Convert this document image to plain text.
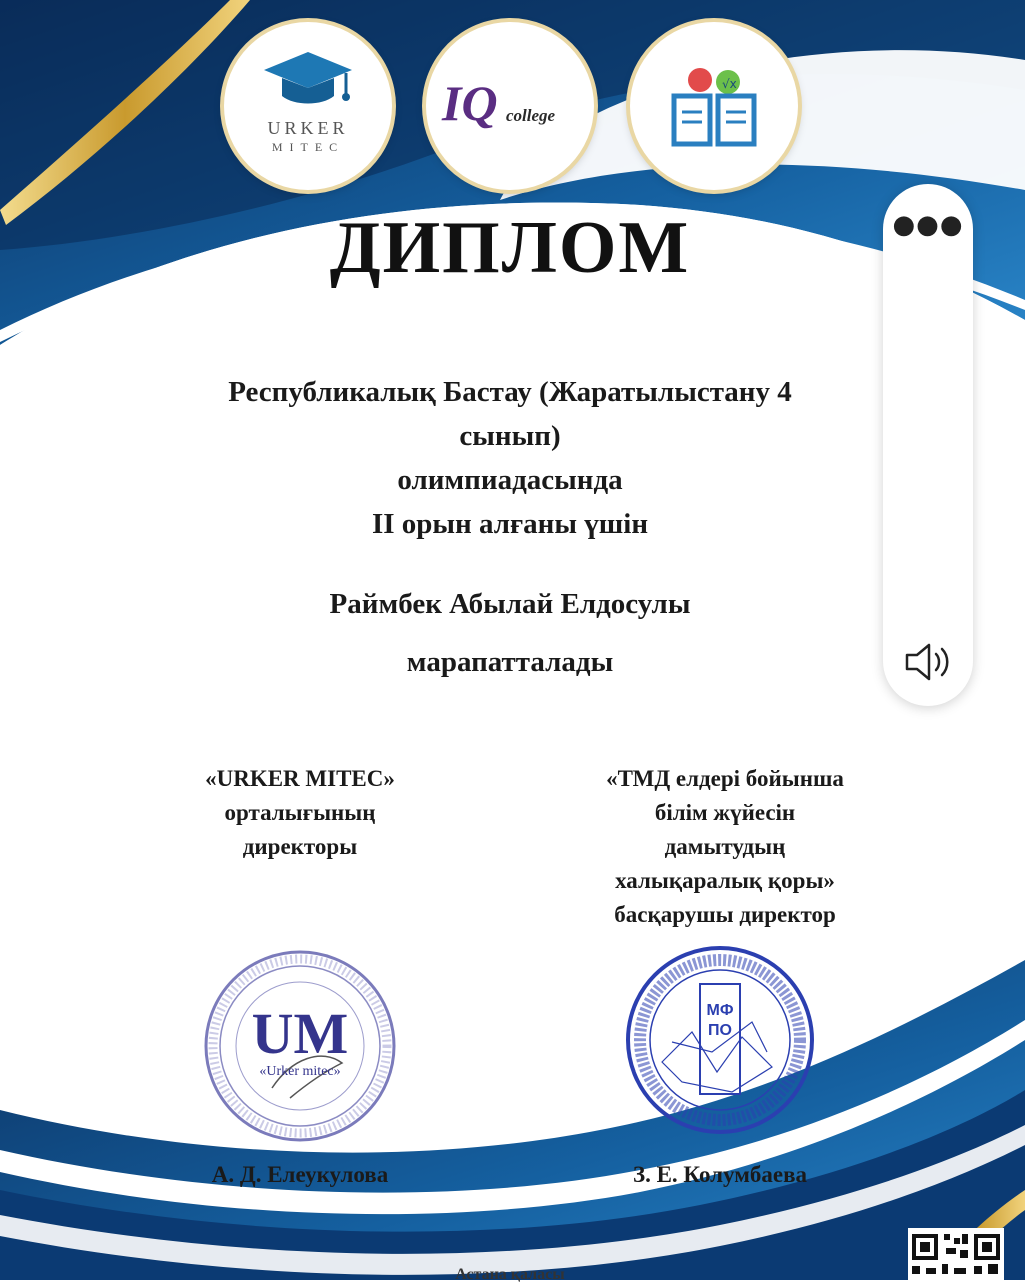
URKER
MITEC
IQ college
√x
ДИПЛОМ
Республикалық Бастау (Жаратылыстану 4
сынып)
олимпиадасында
II орын алғаны үшін
Раймбек Абылай Елдосулы
марапатталады
«URKER MITEC»
орталығының
директоры
«ТМД елдері бойынша
білім жүйесін
дамытудың
халықаралық қоры»
басқарушы директор
UM
«Urker mitec»
МФ
ПО
А. Д. Елеукулова	З. Е. Колумбаева
Астана қаласы
●●●
